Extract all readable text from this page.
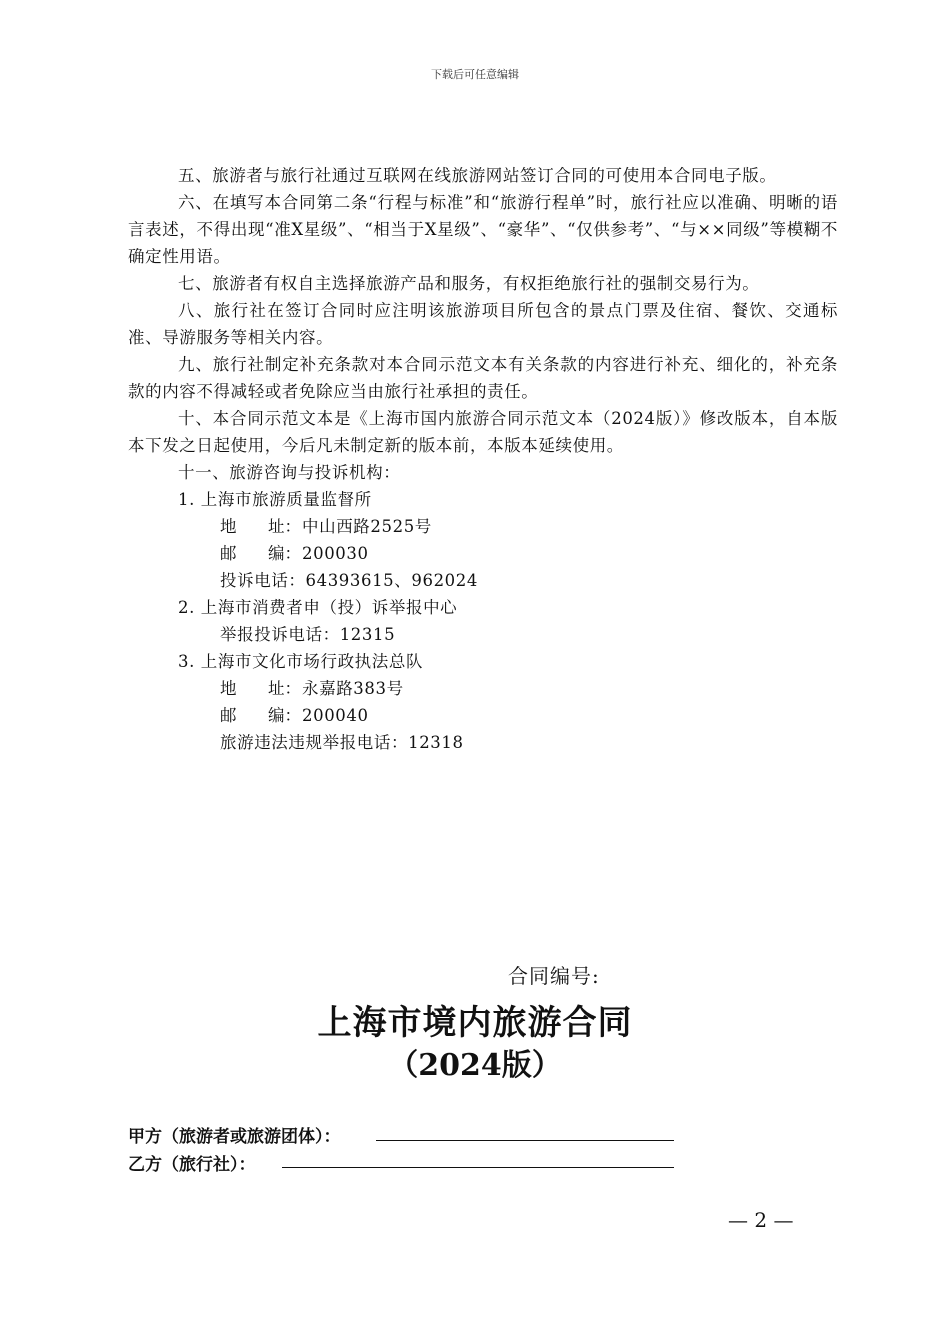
下载后可任意编辑

五、旅游者与旅行社通过互联网在线旅游网站签订合同的可使用本合同电子版。

六、在填写本合同第二条“行程与标准”和“旅游行程单”时，旅行社应以准确、明晰的语言表述，不得出现“准X星级”、“相当于X星级”、“豪华”、“仅供参考”、“与××同级”等模糊不确定性用语。

七、旅游者有权自主选择旅游产品和服务，有权拒绝旅行社的强制交易行为。

八、旅行社在签订合同时应注明该旅游项目所包含的景点门票及住宿、餐饮、交通标准、导游服务等相关内容。

九、旅行社制定补充条款对本合同示范文本有关条款的内容进行补充、细化的，补充条款的内容不得减轻或者免除应当由旅行社承担的责任。

十、本合同示范文本是《上海市国内旅游合同示范文本（2024版）》修改版本，自本版本下发之日起使用，今后凡未制定新的版本前，本版本延续使用。

十一、旅游咨询与投诉机构：

1. 上海市旅游质量监督所

地 址：中山西路2525号

邮 编：200030

投诉电话：64393615、962024

2. 上海市消费者申（投）诉举报中心

举报投诉电话：12315

3. 上海市文化市场行政执法总队

地 址：永嘉路383号

邮 编：200040

旅游违法违规举报电话：12318

合同编号:
上海市境内旅游合同
（2024版）
甲方（旅游者或旅游团体）：
乙方（旅行社）：
— 2 —
